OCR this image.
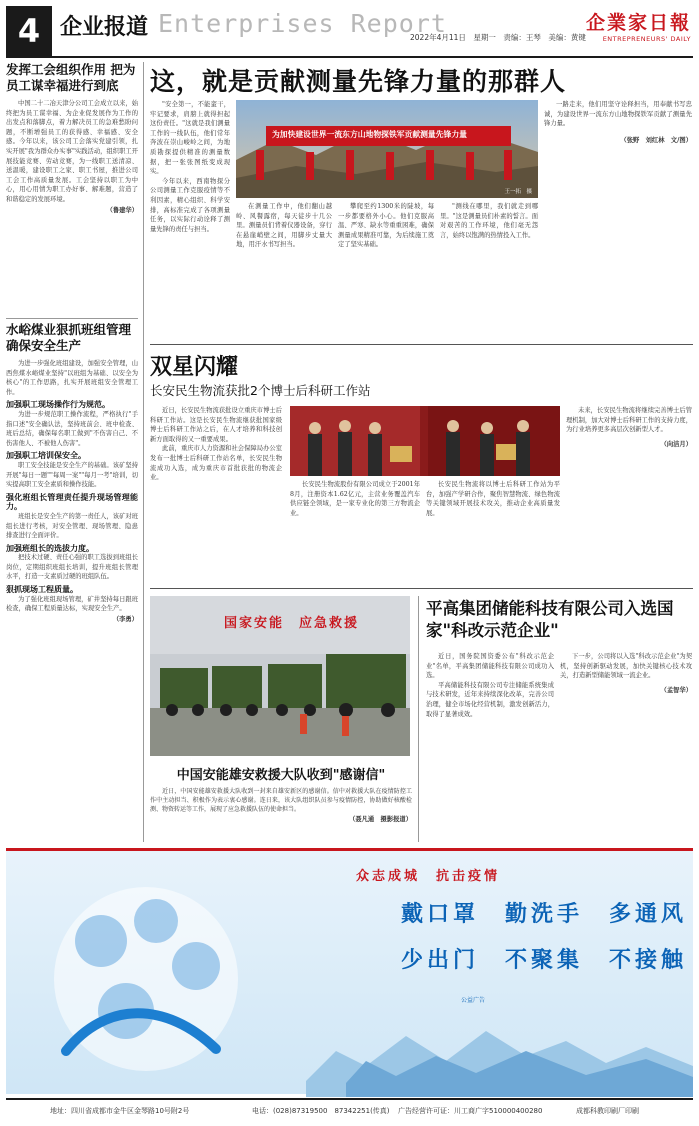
4 企业报道 Enterprises Report
2022年4月11日　星期一　责编：王琴　美编：黄键
企業家日報
ENTREPRENEURS' DAILY
发挥工会组织作用 把为员工谋幸福进行到底

中国二十二冶天津分公司工会成立以来，始终把为员工谋幸福、为企业促发展作为工作的出发点和落脚点，着力解决员工的急难愁盼问题，不断增强员工的获得感、幸福感、安全感。今年以来，该公司工会落实党建引领，扎实开展"我为群众办实事"实践活动，组织职工开展技能竞赛、劳动竞赛，为一线职工送清凉、送温暖，建设职工之家、职工书屋，推进公司工会工作高质量发展。工会坚持以职工为中心，用心用情为职工办好事、解难题，营造了和谐稳定的发展环境。

（鲁建华）
水峪煤业狠抓班组管理 确保安全生产

为进一步强化班组建设，加强安全管理，山西焦煤水峪煤业坚持"以班组为基础、以安全为核心"的工作思路，扎实开展班组安全管理工作。

加强职工现场操作行为规范。

为进一步规范职工操作流程，严格执行"手指口述"安全确认法，坚持班前会、班中检查、班后总结，确保每名职工做到"不伤害自己、不伤害他人、不被他人伤害"。

加强职工培训保安全。

职工安全技能是安全生产的基础。该矿坚持开展"每日一题""每周一案""每月一考"培训，切实提高职工安全素质和操作技能。

强化班组长管理责任提升现场管理能力。

班组长是安全生产的第一责任人，该矿对班组长进行考核，对安全管理、现场管理、隐患排查进行全面评价。

加强班组长的选拔力度。

把技术过硬、责任心强的职工选拔到班组长岗位，定期组织班组长培训，提升班组长管理水平，打造一支素质过硬的班组队伍。

狠抓现场工程质量。

为了强化班组现场管理，矿井坚持每日跟班检查，确保工程质量达标，实现安全生产。

（李勇）
这，就是贡献测量先锋力量的那群人

"安全第一，不能蛮干，牢记要求，肩膀上就得担起这份责任。"这就是我们测量工作的一线队伍，他们常年奔波在崇山峻岭之间，为地质勘探提供精准的测量数据，把一张张图纸变成现实。

今年以来，西南物探分公司测量工作克服疫情等不利因素，精心组织、科学安排，高标准完成了各项测量任务，以实际行动诠释了测量先锋的责任与担当。

为加快建设世界一流东方山地物探铁军贡献测量先锋力量
王一拓　摄

在测量工作中，他们翻山越岭、风餐露宿，每天徒步十几公里。测量员们背着仪器设备，穿行在悬崖峭壁之间，用脚步丈量大地，用汗水书写担当。

攀爬至约1300米的陡坡，每一步都要格外小心。他们克服高温、严寒、缺水等重重困难，确保测量成果精准可靠，为后续施工奠定了坚实基础。

"测线在哪里，我们就走到哪里。"这是测量员们朴素的誓言。面对艰苦的工作环境，他们毫无怨言，始终以饱满的热情投入工作。

一路走来，他们用坚守诠释担当，用奉献书写忠诚，为建设世界一流东方山地物探铁军贡献了测量先锋力量。

（张野　刘红林　文/图）
双星闪耀
长安民生物流获批2个博士后科研工作站

近日，长安民生物流获批设立重庆市博士后科研工作站。这是长安民生物流继获批国家级博士后科研工作站之后，在人才培养和科技创新方面取得的又一重要成果。

此前，重庆市人力资源和社会保障局办公室发布一批博士后科研工作站名单，长安民生物流成功入选，成为重庆市首批获批的物流企业。

长安民生物流股份有限公司成立于2001年8月，注册资本1.62亿元，主营业务覆盖汽车供应链全领域，是一家专业化的第三方物流企业。

长安民生物流将以博士后科研工作站为平台，加强产学研合作，聚焦智慧物流、绿色物流等关键领域开展技术攻关，推动企业高质量发展。

未来，长安民生物流将继续完善博士后管理机制，加大对博士后科研工作的支持力度，为行业培养更多高层次创新型人才。

（向洁月）
国家安能　应急救援
中国安能雄安救援大队收到"感谢信"

近日，中国安能雄安救援大队收到一封来自雄安新区的感谢信。信中对救援大队在疫情防控工作中主动担当、积极作为表示衷心感谢。连日来，该大队组织队员参与疫情防控，协助做好核酸检测、物资转运等工作，展现了应急救援队伍的使命担当。

（聂凡通　摄影报道）
平高集团储能科技有限公司入选国家"科改示范企业"

近日，国务院国资委公布"科改示范企业"名单，平高集团储能科技有限公司成功入选。

平高储能科技有限公司专注储能系统集成与技术研发，近年来持续深化改革，完善公司治理，健全市场化经营机制，激发创新活力，取得了显著成效。

下一步，公司将以入选"科改示范企业"为契机，坚持创新驱动发展，加快关键核心技术攻关，打造新型储能领域一流企业。

（孟智华）
众志成城　抗击疫情
戴口罩　勤洗手　多通风
少出门　不聚集　不接触
公益广告
地址：四川省成都市金牛区金琴路10号附2号	电话：(028)87319500　87342251(传真) 广告经营许可证：川工商广字510000400280	成都科教印刷厂印刷
